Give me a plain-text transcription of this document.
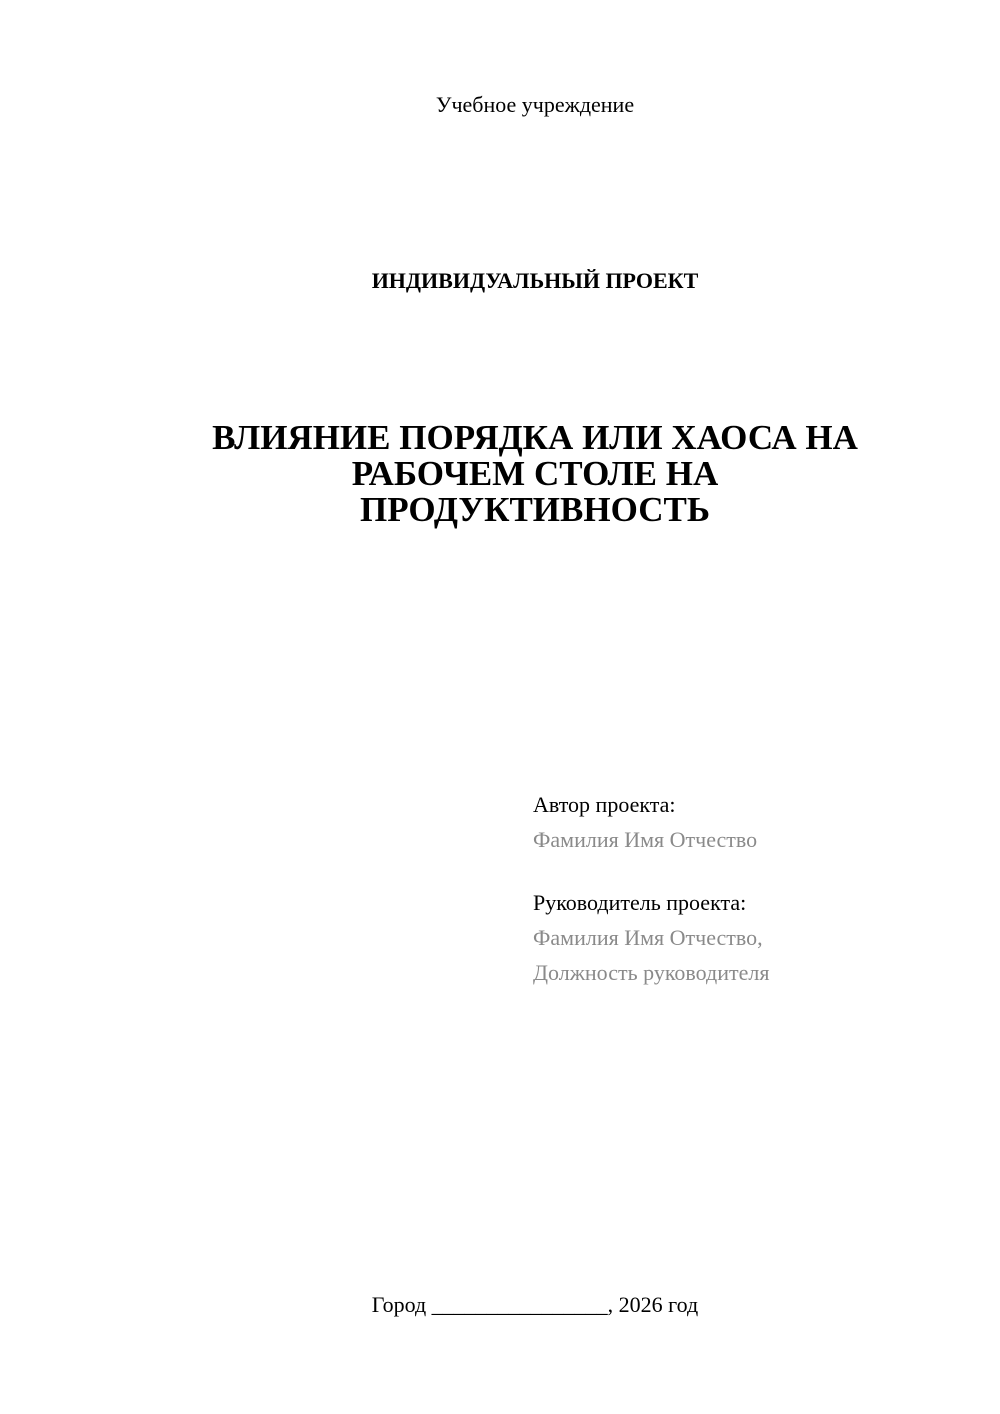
Учебное учреждение
ИНДИВИДУАЛЬНЫЙ ПРОЕКТ
ВЛИЯНИЕ ПОРЯДКА ИЛИ ХАОСА НА
РАБОЧЕМ СТОЛЕ НА
ПРОДУКТИВНОСТЬ
Автор проекта:
Фамилия Имя Отчество
Руководитель проекта:
Фамилия Имя Отчество,
Должность руководителя
Город ________________, 2026 год
